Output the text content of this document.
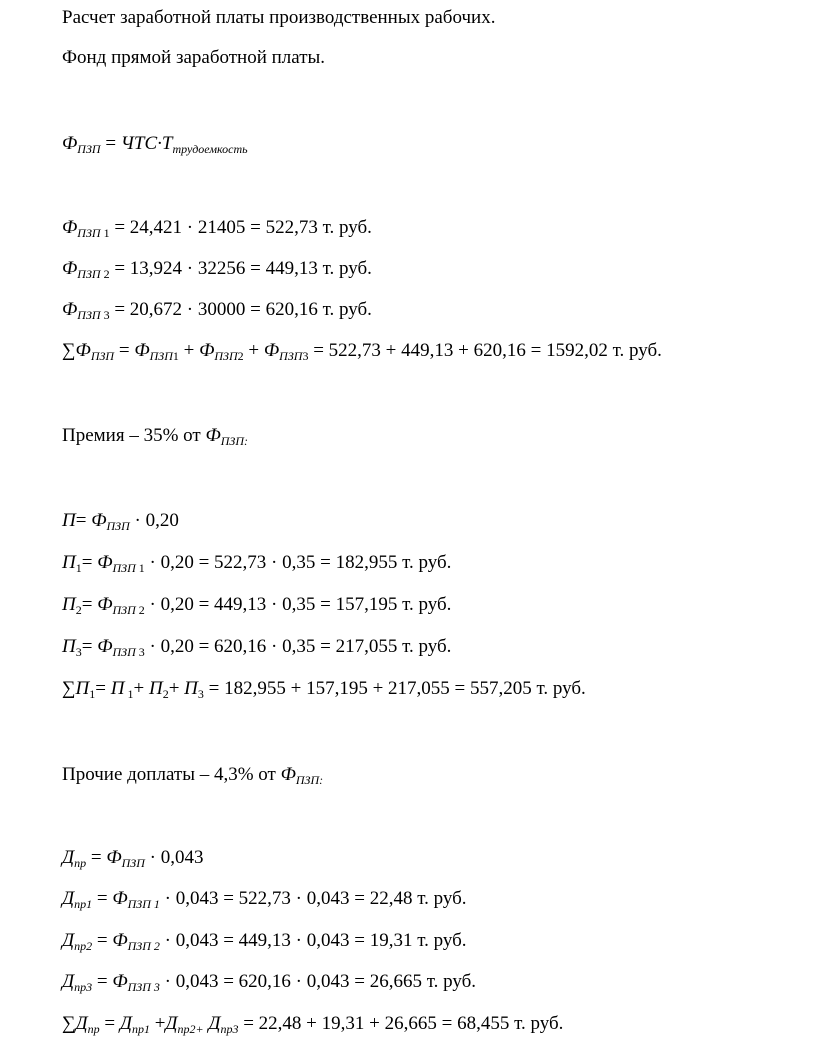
Расчет заработной платы производственных рабочих.
Фонд прямой заработной платы.
$Ф_{ПЗП} = ЧТС\cdot Т_{трудоемкость}$
$Ф_{ПЗП}$ $_1$ = 24,421 · 21405 = 522,73 т. руб.
$Ф_{ПЗП}$ $_2$ = 13,924 · 32256 = 449,13 т. руб.
$Ф_{ПЗП}$ $_3$ = 20,672 · 30000 = 620,16 т. руб.
$\sum Ф_{ПЗП} = Ф_{ПЗП1} + Ф_{ПЗП2} + Ф_{ПЗП3} = 522,73 + 449,13 + 620,16 = 1592,02$ т. руб.
Премия – 35% от $Ф_{ПЗП:}$
$П= Ф_{ПЗП} \cdot 0,20$
$П_1= Ф_{ПЗП}$ $_1$ · 0,20 = 522,73 · 0,35 = 182,955 т. руб.
$П_2= Ф_{ПЗП}$ $_2$ · 0,20 = 449,13 · 0,35 = 157,195 т. руб.
$П_3= Ф_{ПЗП}$ $_3$ · 0,20 = 620,16 · 0,35 = 217,055 т. руб.
$\sum П_1= П$ $_1+ П_2+ П_3 = 182,955 + 157,195 + 217,055 = 557,205$ т. руб.
Прочие доплаты – 4,3% от $Ф_{ПЗП:}$
$Д_{пр} = Ф_{ПЗП} \cdot 0,043$
$Д_{пр1} = Ф_{ПЗП 1} \cdot 0,043 = 522,73 \cdot 0,043 = 22,48$ т. руб.
$Д_{пр2} = Ф_{ПЗП 2} \cdot 0,043 = 449,13 \cdot 0,043 = 19,31$ т. руб.
$Д_{пр3} = Ф_{ПЗП 3} \cdot 0,043 = 620,16 \cdot 0,043 = 26,665$ т. руб.
$\sum Д_{пр} = Д_{пр1} +Д_{пр2+}$ $Д_{пр3} = 22,48 + 19,31 + 26,665 = 68,455$ т. руб.
